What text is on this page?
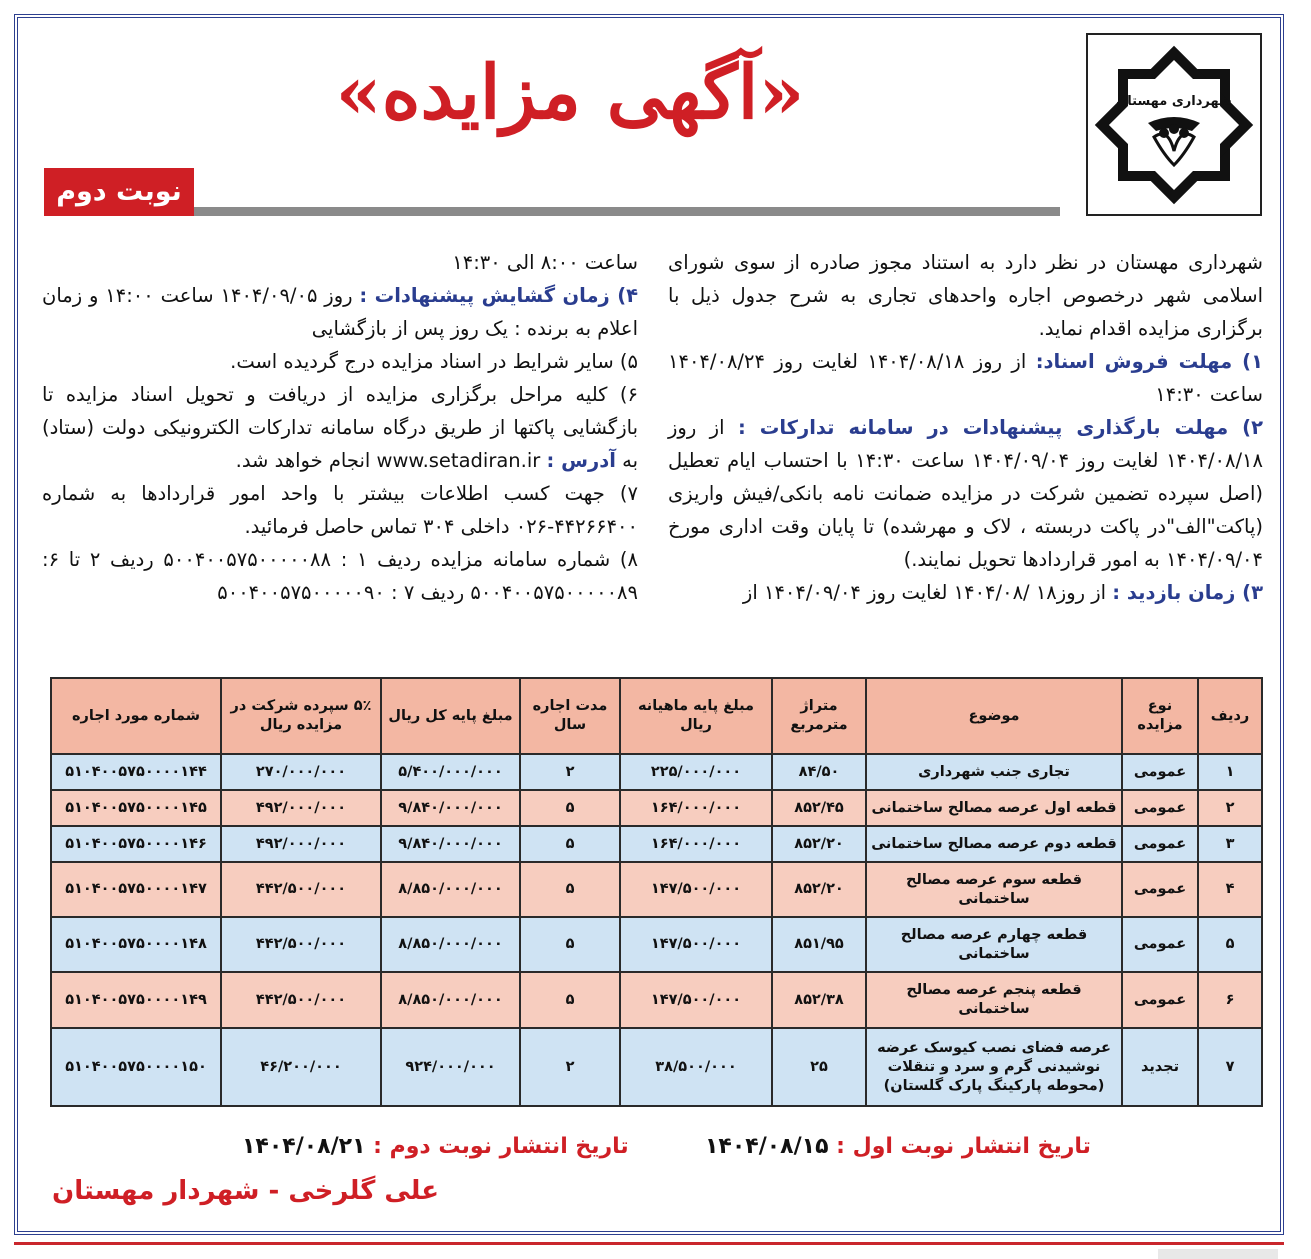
شهرداری مهستان
«آگهی مزایده»
نوبت دوم

شهرداری مهستان در نظر دارد به استناد مجوز صادره از سوی شورای اسلامی شهر درخصوص اجاره واحدهای تجاری به شرح جدول ذیل با برگزاری مزایده اقدام نماید.

۱) مهلت فروش اسناد: از روز ۱۴۰۴/۰۸/۱۸ لغایت روز ۱۴۰۴/۰۸/۲۴ ساعت ۱۴:۳۰

۲) مهلت بارگذاری پیشنهادات در سامانه تدارکات : از روز ۱۴۰۴/۰۸/۱۸ لغایت روز ۱۴۰۴/۰۹/۰۴ ساعت ۱۴:۳۰ با احتساب ایام تعطیل (اصل سپرده تضمین شرکت در مزایده ضمانت نامه بانکی/فیش واریزی (پاکت"الف"در پاکت دربسته ، لاک و مهرشده) تا پایان وقت اداری مورخ ۱۴۰۴/۰۹/۰۴ به امور قراردادها تحویل نمایند.)

۳) زمان بازدید : از روز۱۸ /۱۴۰۴/۰۸ لغایت روز ۱۴۰۴/۰۹/۰۴ از

ساعت ۸:۰۰ الی ۱۴:۳۰

۴) زمان گشایش پیشنهادات : روز ۱۴۰۴/۰۹/۰۵ ساعت ۱۴:۰۰ و زمان اعلام به برنده : یک روز پس از بازگشایی

۵) سایر شرایط در اسناد مزایده درج گردیده است.

۶) کلیه مراحل برگزاری مزایده از دریافت و تحویل اسناد مزایده تا بازگشایی پاکتها از طریق درگاه سامانه تدارکات الکترونیکی دولت (ستاد) به آدرس : www.setadiran.ir انجام خواهد شد.

۷) جهت کسب اطلاعات بیشتر با واحد امور قراردادها به شماره ۴۴۲۶۶۴۰۰-۰۲۶ داخلی ۳۰۴ تماس حاصل فرمائید.

۸) شماره سامانه مزایده ردیف ۱ : ۵۰۰۴۰۰۵۷۵۰۰۰۰۰۸۸ ردیف ۲ تا ۶: ۵۰۰۴۰۰۵۷۵۰۰۰۰۰۸۹ ردیف ۷ : ۵۰۰۴۰۰۵۷۵۰۰۰۰۰۹۰

ردیف	نوع مزایده	موضوع	متراژ مترمربع	مبلغ پایه ماهیانه ریال	مدت اجاره سال	مبلغ پایه کل ریال	۵٪ سپرده شرکت در مزایده ریال	شماره مورد اجاره
۱	عمومی	تجاری جنب شهرداری	۸۴/۵۰	۲۲۵/۰۰۰/۰۰۰	۲	۵/۴۰۰/۰۰۰/۰۰۰	۲۷۰/۰۰۰/۰۰۰	۵۱۰۴۰۰۵۷۵۰۰۰۰۱۴۴
۲	عمومی	قطعه اول عرصه مصالح ساختمانی	۸۵۲/۴۵	۱۶۴/۰۰۰/۰۰۰	۵	۹/۸۴۰/۰۰۰/۰۰۰	۴۹۲/۰۰۰/۰۰۰	۵۱۰۴۰۰۵۷۵۰۰۰۰۱۴۵
۳	عمومی	قطعه دوم عرصه مصالح ساختمانی	۸۵۲/۲۰	۱۶۴/۰۰۰/۰۰۰	۵	۹/۸۴۰/۰۰۰/۰۰۰	۴۹۲/۰۰۰/۰۰۰	۵۱۰۴۰۰۵۷۵۰۰۰۰۱۴۶
۴	عمومی	قطعه سوم عرصه مصالح ساختمانی	۸۵۲/۲۰	۱۴۷/۵۰۰/۰۰۰	۵	۸/۸۵۰/۰۰۰/۰۰۰	۴۴۲/۵۰۰/۰۰۰	۵۱۰۴۰۰۵۷۵۰۰۰۰۱۴۷
۵	عمومی	قطعه چهارم عرصه مصالح ساختمانی	۸۵۱/۹۵	۱۴۷/۵۰۰/۰۰۰	۵	۸/۸۵۰/۰۰۰/۰۰۰	۴۴۲/۵۰۰/۰۰۰	۵۱۰۴۰۰۵۷۵۰۰۰۰۱۴۸
۶	عمومی	قطعه پنجم عرصه مصالح ساختمانی	۸۵۲/۳۸	۱۴۷/۵۰۰/۰۰۰	۵	۸/۸۵۰/۰۰۰/۰۰۰	۴۴۲/۵۰۰/۰۰۰	۵۱۰۴۰۰۵۷۵۰۰۰۰۱۴۹
۷	تجدید	عرصه فضای نصب کیوسک عرضه نوشیدنی گرم و سرد و تنقلات (محوطه پارکینگ پارک گلستان)	۲۵	۳۸/۵۰۰/۰۰۰	۲	۹۲۴/۰۰۰/۰۰۰	۴۶/۲۰۰/۰۰۰	۵۱۰۴۰۰۵۷۵۰۰۰۰۱۵۰
تاریخ انتشار نوبت اول : ۱۴۰۴/۰۸/۱۵
تاریخ انتشار نوبت دوم : ۱۴۰۴/۰۸/۲۱
علی گلرخی - شهردار مهستان
